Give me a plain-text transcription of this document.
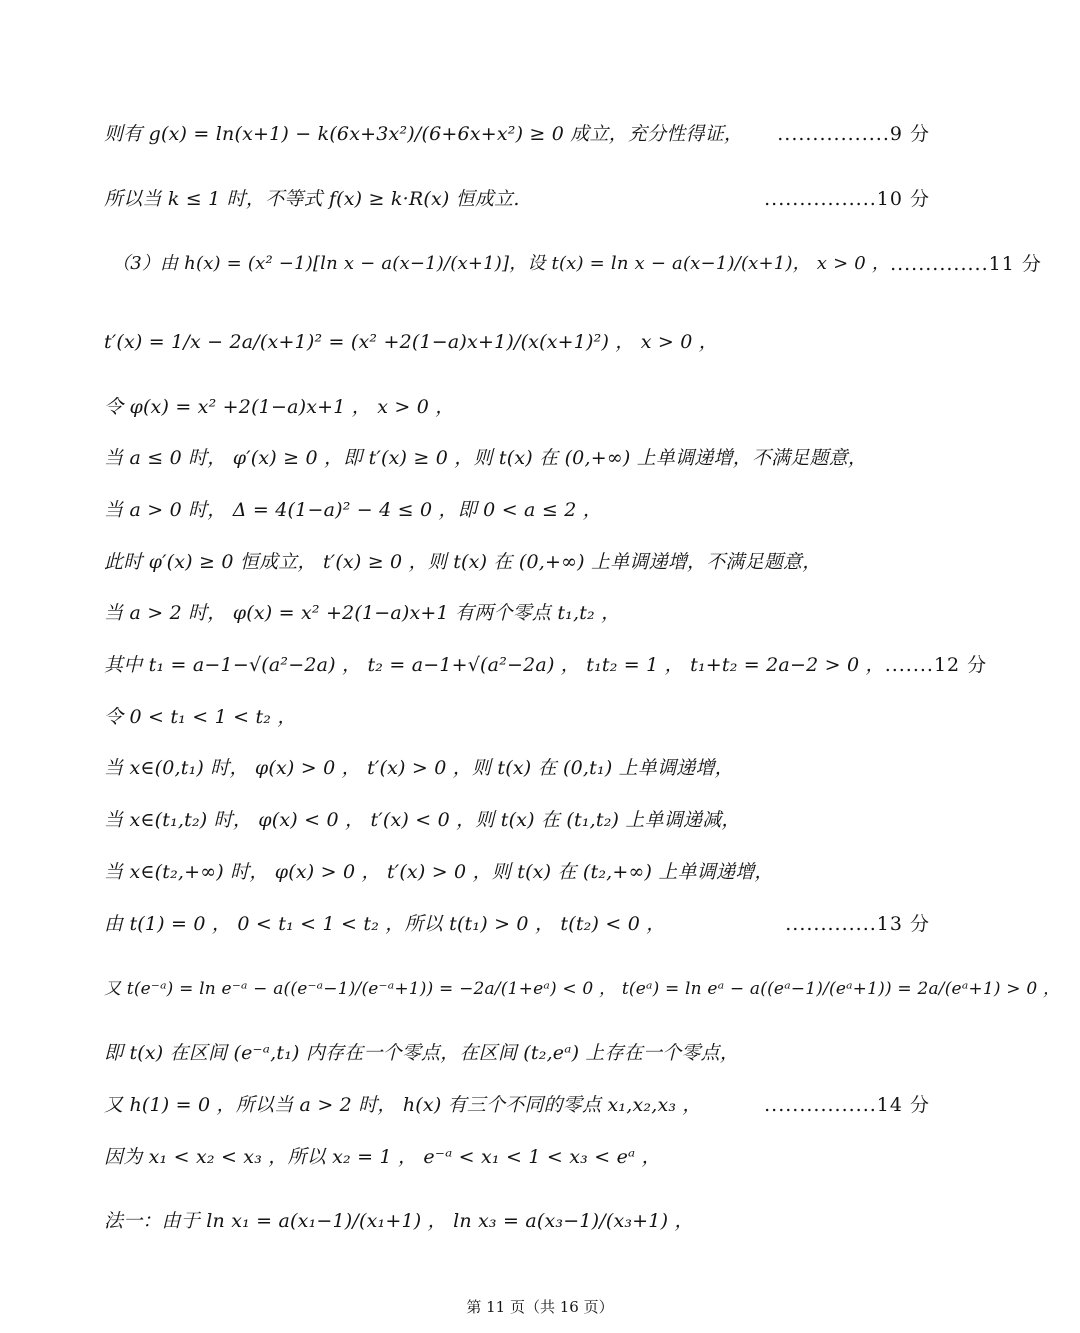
则有 g(x) = ln(x+1) − k(6x+3x²)/(6+6x+x²) ≥ 0 成立，充分性得证， ................9 分
所以当 k ≤ 1 时，不等式 f(x) ≥ k·R(x) 恒成立.	................10 分
（3）由 h(x) = (x² −1)[ln x − a(x−1)/(x+1)]，设 t(x) = ln x − a(x−1)/(x+1)， x > 0 ， ..............11 分
t′(x) = 1/x − 2a/(x+1)² = (x² +2(1−a)x+1)/(x(x+1)²) ， x > 0 ，
令 φ(x) = x² +2(1−a)x+1 ， x > 0 ，
当 a ≤ 0 时， φ′(x) ≥ 0 ，即 t′(x) ≥ 0 ，则 t(x) 在 (0,+∞) 上单调递增，不满足题意，
当 a > 0 时， Δ = 4(1−a)² − 4 ≤ 0 ，即 0 < a ≤ 2 ，
此时 φ′(x) ≥ 0 恒成立， t′(x) ≥ 0 ，则 t(x) 在 (0,+∞) 上单调递增，不满足题意，
当 a > 2 时， φ(x) = x² +2(1−a)x+1 有两个零点 t₁,t₂ ，
其中 t₁ = a−1−√(a²−2a) ， t₂ = a−1+√(a²−2a) ， t₁t₂ = 1 ， t₁+t₂ = 2a−2 > 0 ， .......12 分
令 0 < t₁ < 1 < t₂ ，
当 x∈(0,t₁) 时， φ(x) > 0 ， t′(x) > 0 ，则 t(x) 在 (0,t₁) 上单调递增，
当 x∈(t₁,t₂) 时， φ(x) < 0 ， t′(x) < 0 ，则 t(x) 在 (t₁,t₂) 上单调递减，
当 x∈(t₂,+∞) 时， φ(x) > 0 ， t′(x) > 0 ，则 t(x) 在 (t₂,+∞) 上单调递增，
由 t(1) = 0 ， 0 < t₁ < 1 < t₂ ，所以 t(t₁) > 0 ， t(t₂) < 0 ，	.............13 分
又 t(e⁻ᵃ) = ln e⁻ᵃ − a((e⁻ᵃ−1)/(e⁻ᵃ+1)) = −2a/(1+eᵃ) < 0 ， t(eᵃ) = ln eᵃ − a((eᵃ−1)/(eᵃ+1)) = 2a/(eᵃ+1) > 0 ，
即 t(x) 在区间 (e⁻ᵃ,t₁) 内存在一个零点，在区间 (t₂,eᵃ) 上存在一个零点，
又 h(1) = 0 ，所以当 a > 2 时， h(x) 有三个不同的零点 x₁,x₂,x₃ ，	................14 分
因为 x₁ < x₂ < x₃ ，所以 x₂ = 1 ， e⁻ᵃ < x₁ < 1 < x₃ < eᵃ ，
法一：由于 ln x₁ = a(x₁−1)/(x₁+1) ， ln x₃ = a(x₃−1)/(x₃+1) ，
第 11 页（共 16 页）
